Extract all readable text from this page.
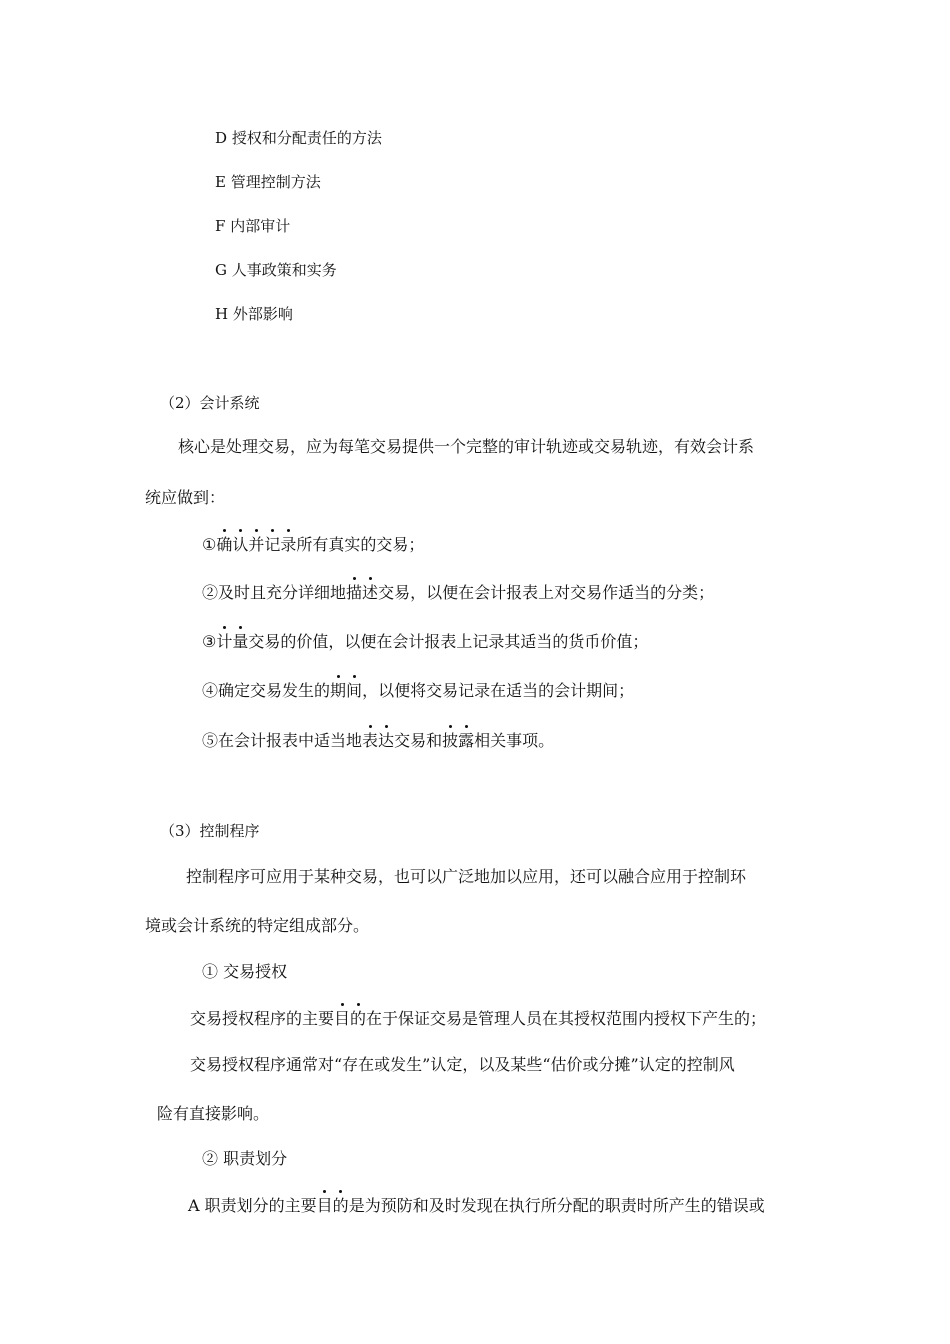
D 授权和分配责任的方法
E 管理控制方法
F 内部审计
G 人事政策和实务
H 外部影响
（2）会计系统
核心是处理交易，应为每笔交易提供一个完整的审计轨迹或交易轨迹，有效会计系
统应做到：
①确认并记录所有真实的交易；
②及时且充分详细地描述交易，以便在会计报表上对交易作适当的分类；
③计量交易的价值，以便在会计报表上记录其适当的货币价值；
④确定交易发生的期间，以便将交易记录在适当的会计期间；
⑤在会计报表中适当地表达交易和披露相关事项。
（3）控制程序
控制程序可应用于某种交易，也可以广泛地加以应用，还可以融合应用于控制环
境或会计系统的特定组成部分。
① 交易授权
交易授权程序的主要目的在于保证交易是管理人员在其授权范围内授权下产生的；
交易授权程序通常对“存在或发生”认定，以及某些“估价或分摊”认定的控制风
险有直接影响。
② 职责划分
A 职责划分的主要目的是为预防和及时发现在执行所分配的职责时所产生的错误或
